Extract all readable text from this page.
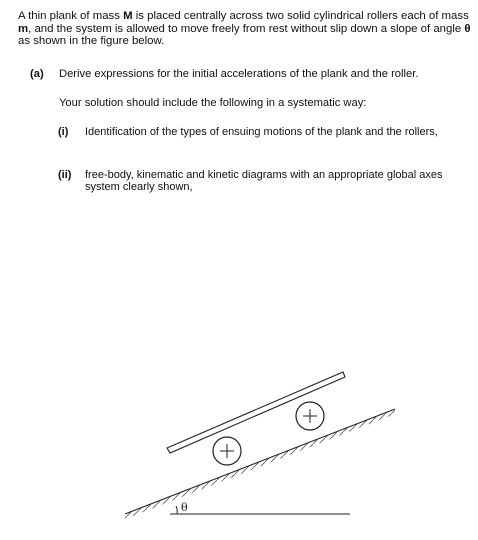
A thin plank of mass M is placed centrally across two solid cylindrical rollers each of mass m, and the system is allowed to move freely from rest without slip down a slope of angle θ as shown in the figure below.
(a) Derive expressions for the initial accelerations of the plank and the roller.
Your solution should include the following in a systematic way:
(i) Identification of the types of ensuing motions of the plank and the rollers,
(ii) free-body, kinematic and kinetic diagrams with an appropriate global axes system clearly shown,
θ
